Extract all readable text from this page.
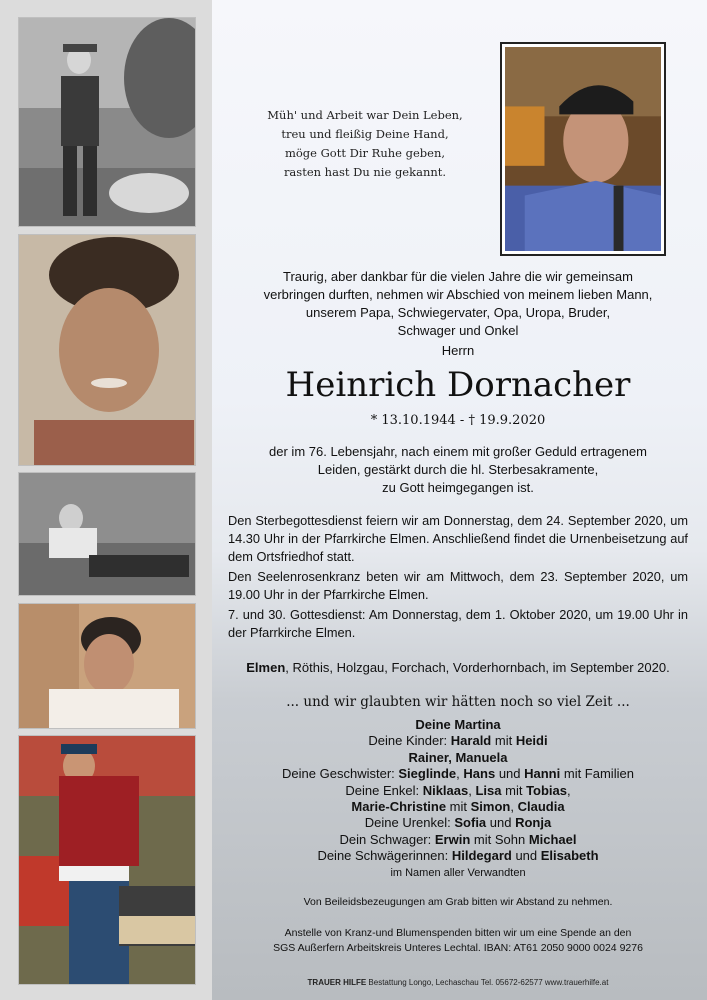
Müh' und Arbeit war Dein Leben,
treu und fleißig Deine Hand,
möge Gott Dir Ruhe geben,
rasten hast Du nie gekannt.
Traurig, aber dankbar für die vielen Jahre die wir gemeinsam
verbringen durften, nehmen wir Abschied von meinem lieben Mann,
unserem Papa, Schwiegervater, Opa, Uropa, Bruder,
Schwager und Onkel
Herrn
Heinrich Dornacher
* 13.10.1944 - † 19.9.2020
der im 76. Lebensjahr, nach einem mit großer Geduld ertragenem
Leiden, gestärkt durch die hl. Sterbesakramente,
zu Gott heimgegangen ist.
Den Sterbegottesdienst feiern wir am Donnerstag, dem 24. September 2020, um 14.30 Uhr in der Pfarrkirche Elmen. Anschließend findet die Urnenbeisetzung auf dem Ortsfriedhof statt.
Den Seelenrosenkranz beten wir am Mittwoch, dem 23. September 2020, um 19.00 Uhr in der Pfarrkirche Elmen.
7. und 30. Gottesdienst: Am Donnerstag, dem 1. Oktober 2020, um 19.00 Uhr in der Pfarrkirche Elmen.
Elmen, Röthis, Holzgau, Forchach, Vorderhornbach, im September 2020.
... und wir glaubten wir hätten noch so viel Zeit ...
Deine Martina
Deine Kinder: Harald mit Heidi
Rainer, Manuela
Deine Geschwister: Sieglinde, Hans und Hanni mit Familien
Deine Enkel: Niklaas, Lisa mit Tobias,
Marie-Christine mit Simon, Claudia
Deine Urenkel: Sofia und Ronja
Dein Schwager: Erwin mit Sohn Michael
Deine Schwägerinnen: Hildegard und Elisabeth
im Namen aller Verwandten
Von Beileidsbezeugungen am Grab bitten wir Abstand zu nehmen.
Anstelle von Kranz-und Blumenspenden bitten wir um eine Spende an den
SGS Außerfern Arbeitskreis Unteres Lechtal. IBAN: AT61 2050 9000 0024 9276
TRAUER HILFE Bestattung Longo, Lechaschau Tel. 05672-62577 www.trauerhilfe.at
